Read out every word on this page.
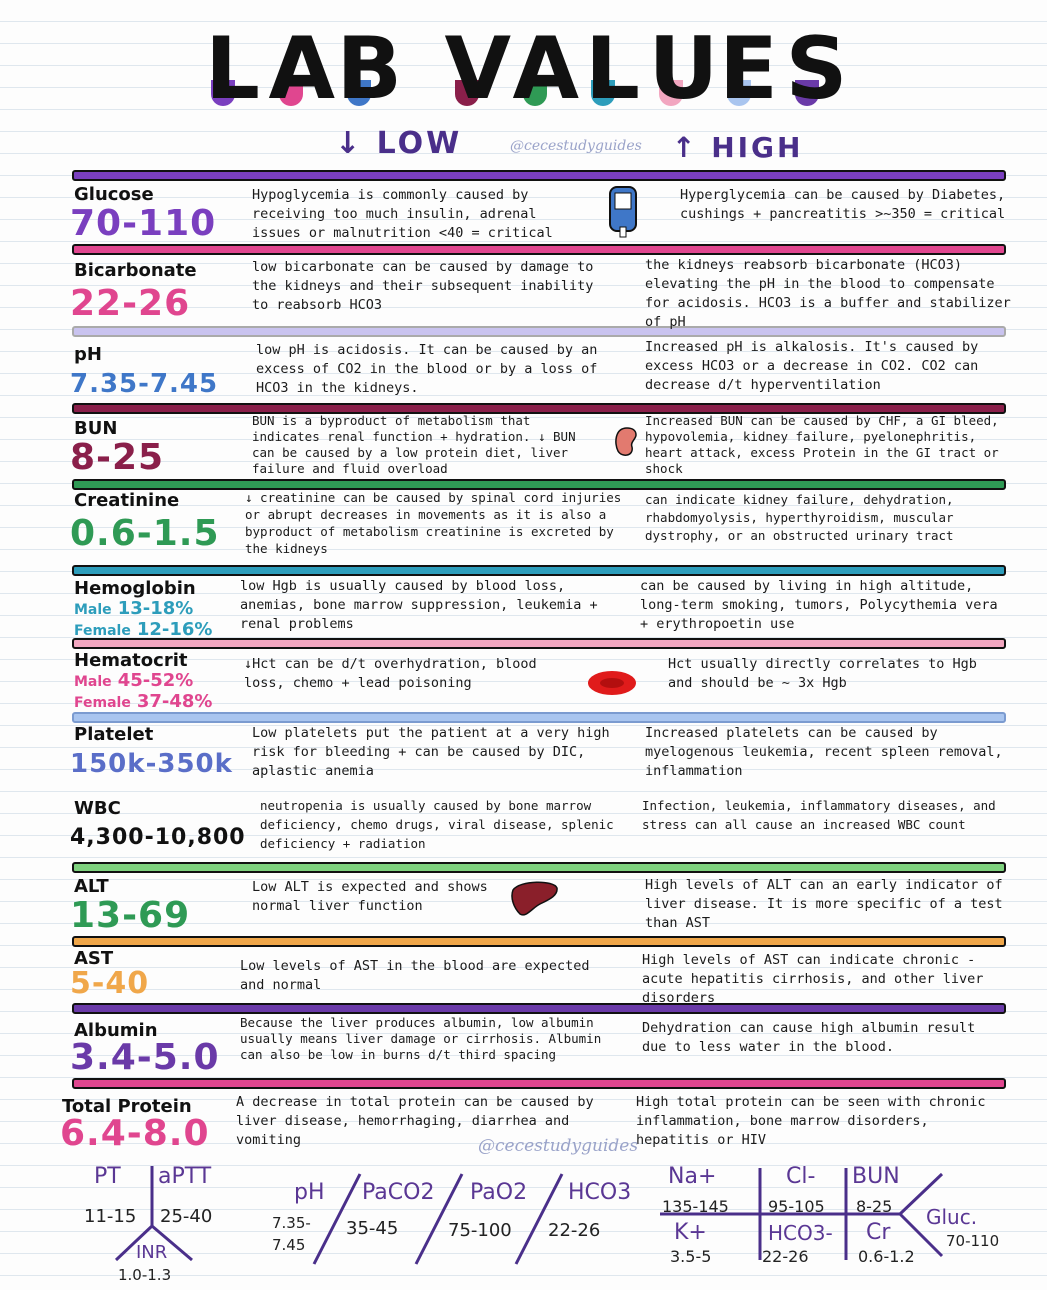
L A B V A L U E S
↓ LOW	↑ HIGH
@cecestudyguides
Glucose
70-110
Hypoglycemia is commonly caused by receiving too much insulin, adrenal issues or malnutrition <40 = critical
Hyperglycemia can be caused by Diabetes, cushings + pancreatitis >~350 = critical
Bicarbonate
22-26
low bicarbonate can be caused by damage to the kidneys and their subsequent inability to reabsorb HCO3
the kidneys reabsorb bicarbonate (HCO3) elevating the pH in the blood to compensate for acidosis. HCO3 is a buffer and stabilizer of pH
pH
7.35-7.45
low pH is acidosis. It can be caused by an excess of CO2 in the blood or by a loss of HCO3 in the kidneys.
Increased pH is alkalosis. It's caused by excess HCO3 or a decrease in CO2. CO2 can decrease d/t hyperventilation
BUN
8-25
BUN is a byproduct of metabolism that indicates renal function + hydration. ↓ BUN can be caused by a low protein diet, liver failure and fluid overload
Increased BUN can be caused by CHF, a GI bleed, hypovolemia, kidney failure, pyelonephritis, heart attack, excess Protein in the GI tract or shock
Creatinine
0.6-1.5
↓ creatinine can be caused by spinal cord injuries or abrupt decreases in movements as it is also a byproduct of metabolism creatinine is excreted by the kidneys
can indicate kidney failure, dehydration, rhabdomyolysis, hyperthyroidism, muscular dystrophy, or an obstructed urinary tract
Hemoglobin
Male 13-18%
Female 12-16%
low Hgb is usually caused by blood loss, anemias, bone marrow suppression, leukemia + renal problems
can be caused by living in high altitude, long-term smoking, tumors, Polycythemia vera + erythropoetin use
Hematocrit
Male 45-52%
Female 37-48%
↓Hct can be d/t overhydration, blood loss, chemo + lead poisoning
Hct usually directly correlates to Hgb and should be ~ 3x Hgb
Platelet
150k-350k
Low platelets put the patient at a very high risk for bleeding + can be caused by DIC, aplastic anemia
Increased platelets can be caused by myelogenous leukemia, recent spleen removal, inflammation
WBC
4,300-10,800
neutropenia is usually caused by bone marrow deficiency, chemo drugs, viral disease, splenic deficiency + radiation
Infection, leukemia, inflammatory diseases, and stress can all cause an increased WBC count
ALT
13-69
Low ALT is expected and shows normal liver function
High levels of ALT can an early indicator of liver disease. It is more specific of a test than AST
AST
5-40	Low levels of AST in the blood are expected and normal
High levels of AST can indicate chronic - acute hepatitis cirrhosis, and other liver disorders
Albumin
3.4-5.0
Because the liver produces albumin, low albumin usually means liver damage or cirrhosis. Albumin can also be low in burns d/t third spacing
Dehydration can cause high albumin result due to less water in the blood.
Total Protein
6.4-8.0
A decrease in total protein can be caused by liver disease, hemorrhaging, diarrhea and vomiting
High total protein can be seen with chronic inflammation, bone marrow disorders, hepatitis or HIV
@cecestudyguides
PT
11-15
aPTT
25-40
INR
1.0-1.3
pH
7.35-7.45
PaCO2
35-45
PaO2
75-100
HCO3
22-26
Na+
135-145
Cl-
95-105
BUN
8-25
K+
3.5-5
HCO3-
22-26
Cr
0.6-1.2
Gluc.
70-110
